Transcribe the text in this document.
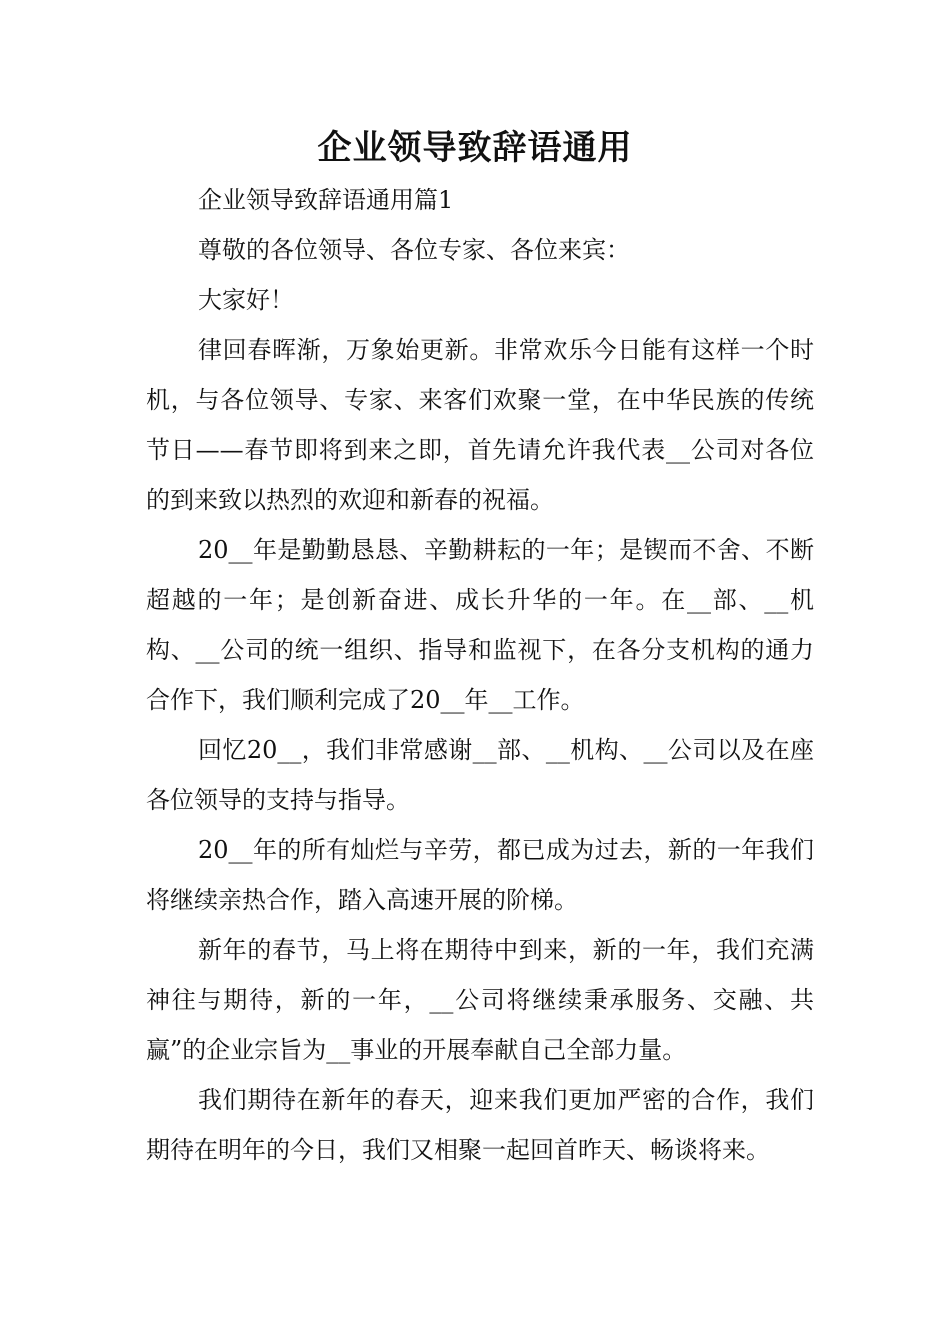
企业领导致辞语通用

企业领导致辞语通用篇1

尊敬的各位领导、各位专家、各位来宾：

大家好！

律回春晖渐，万象始更新。非常欢乐今日能有这样一个时机，与各位领导、专家、来客们欢聚一堂，在中华民族的传统节日——春节即将到来之即，首先请允许我代表__公司对各位的到来致以热烈的欢迎和新春的祝福。

20__年是勤勤恳恳、辛勤耕耘的一年；是锲而不舍、不断超越的一年；是创新奋进、成长升华的一年。在__部、__机构、__公司的统一组织、指导和监视下，在各分支机构的通力合作下，我们顺利完成了20__年__工作。

回忆20__，我们非常感谢__部、__机构、__公司以及在座各位领导的支持与指导。

20__年的所有灿烂与辛劳，都已成为过去，新的一年我们将继续亲热合作，踏入高速开展的阶梯。

新年的春节，马上将在期待中到来，新的一年，我们充满神往与期待，新的一年，__公司将继续秉承服务、交融、共赢”的企业宗旨为__事业的开展奉献自己全部力量。

我们期待在新年的春天，迎来我们更加严密的合作，我们期待在明年的今日，我们又相聚一起回首昨天、畅谈将来。
